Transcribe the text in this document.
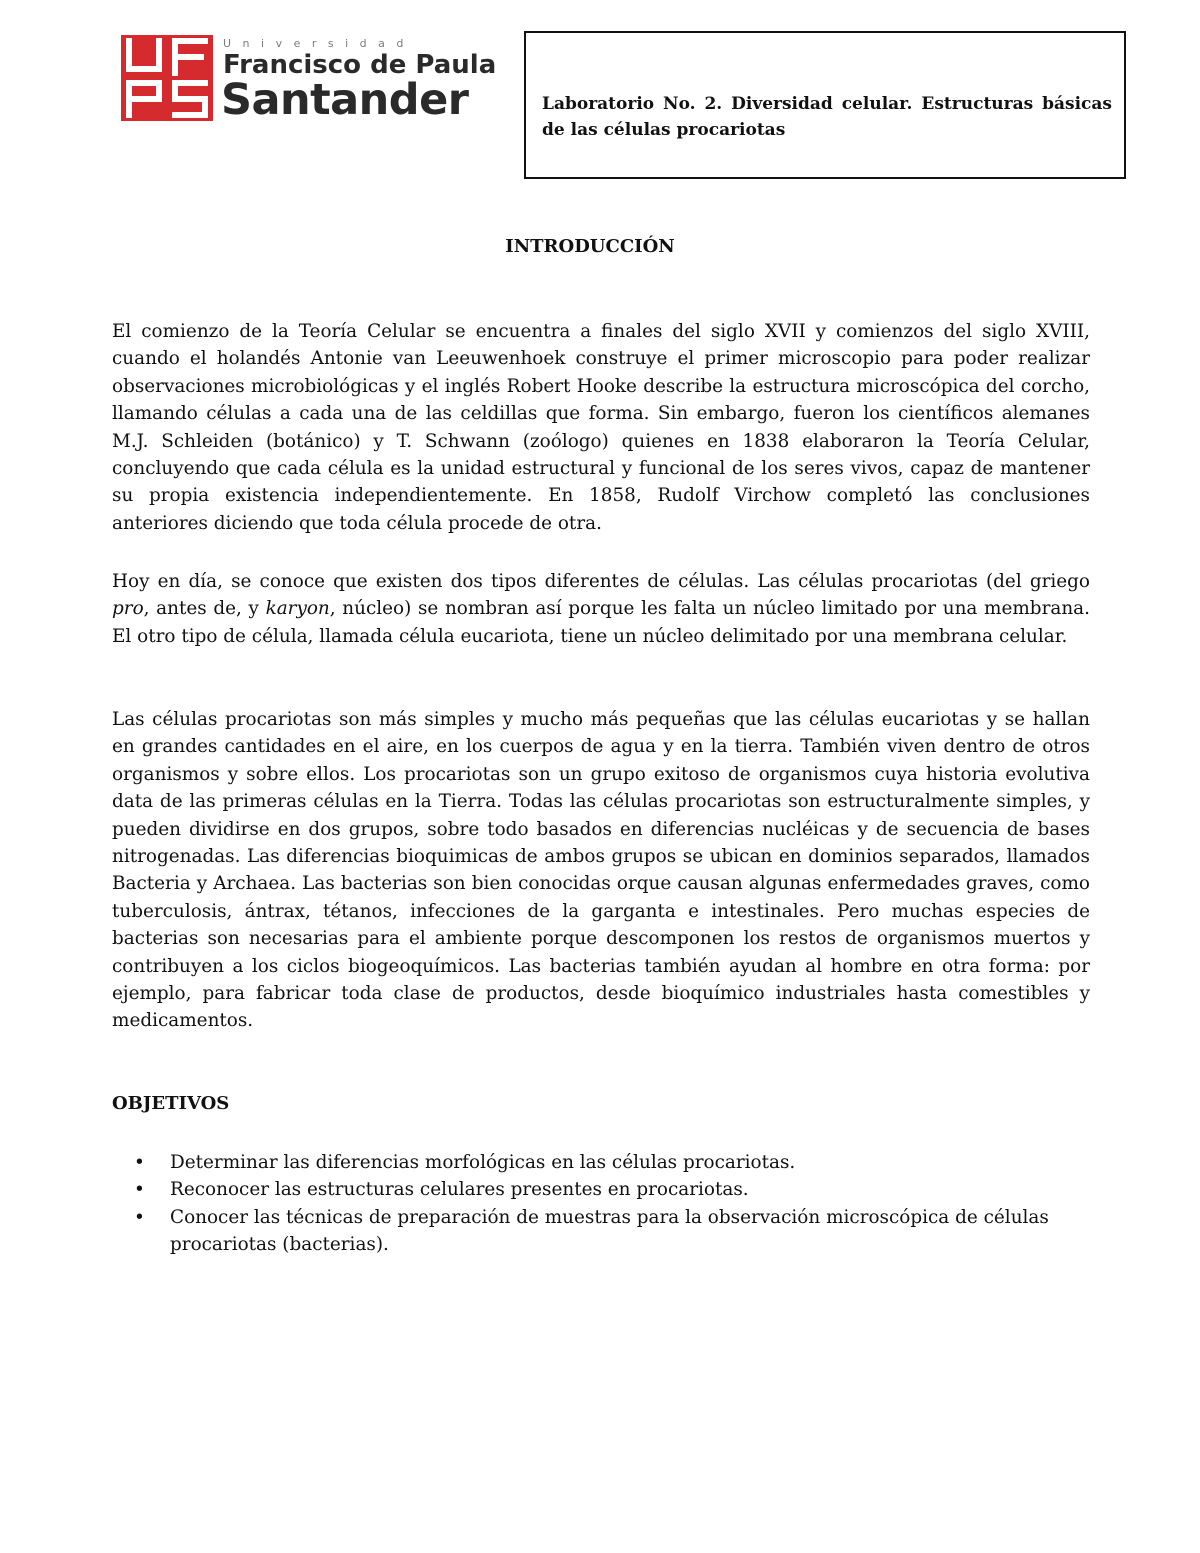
Universidad
Francisco de Paula
Santander	Laboratorio No. 2. Diversidad celular. Estructuras básicas de las células procariotas
INTRODUCCIÓN

El comienzo de la Teoría Celular se encuentra a finales del siglo XVII y comienzos del siglo XVIII, cuando el holandés Antonie van Leeuwenhoek construye el primer microscopio para poder realizar observaciones microbiológicas y el inglés Robert Hooke describe la estructura microscópica del corcho, llamando células a cada una de las celdillas que forma. Sin embargo, fueron los científicos alemanes M.J. Schleiden (botánico) y T. Schwann (zoólogo) quienes en 1838 elaboraron la Teoría Celular, concluyendo que cada célula es la unidad estructural y funcional de los seres vivos, capaz de mantener su propia existencia independientemente. En 1858, Rudolf Virchow completó las conclusiones anteriores diciendo que toda célula procede de otra.

Hoy en día, se conoce que existen dos tipos diferentes de células. Las células procariotas (del griego pro, antes de, y karyon, núcleo) se nombran así porque les falta un núcleo limitado por una membrana. El otro tipo de célula, llamada célula eucariota, tiene un núcleo delimitado por una membrana celular.

Las células procariotas son más simples y mucho más pequeñas que las células eucariotas y se hallan en grandes cantidades en el aire, en los cuerpos de agua y en la tierra. También viven dentro de otros organismos y sobre ellos. Los procariotas son un grupo exitoso de organismos cuya historia evolutiva data de las primeras células en la Tierra. Todas las células procariotas son estructuralmente simples, y pueden dividirse en dos grupos, sobre todo basados en diferencias nucléicas y de secuencia de bases nitrogenadas. Las diferencias bioquimicas de ambos grupos se ubican en dominios separados, llamados Bacteria y Archaea. Las bacterias son bien conocidas orque causan algunas enfermedades graves, como tuberculosis, ántrax, tétanos, infecciones de la garganta e intestinales. Pero muchas especies de bacterias son necesarias para el ambiente porque descomponen los restos de organismos muertos y contribuyen a los ciclos biogeoquímicos. Las bacterias también ayudan al hombre en otra forma: por ejemplo, para fabricar toda clase de productos, desde bioquímico industriales hasta comestibles y medicamentos.

OBJETIVOS
• Determinar las diferencias morfológicas en las células procariotas.
• Reconocer las estructuras celulares presentes en procariotas.
• Conocer las técnicas de preparación de muestras para la observación microscópica de células procariotas (bacterias).
